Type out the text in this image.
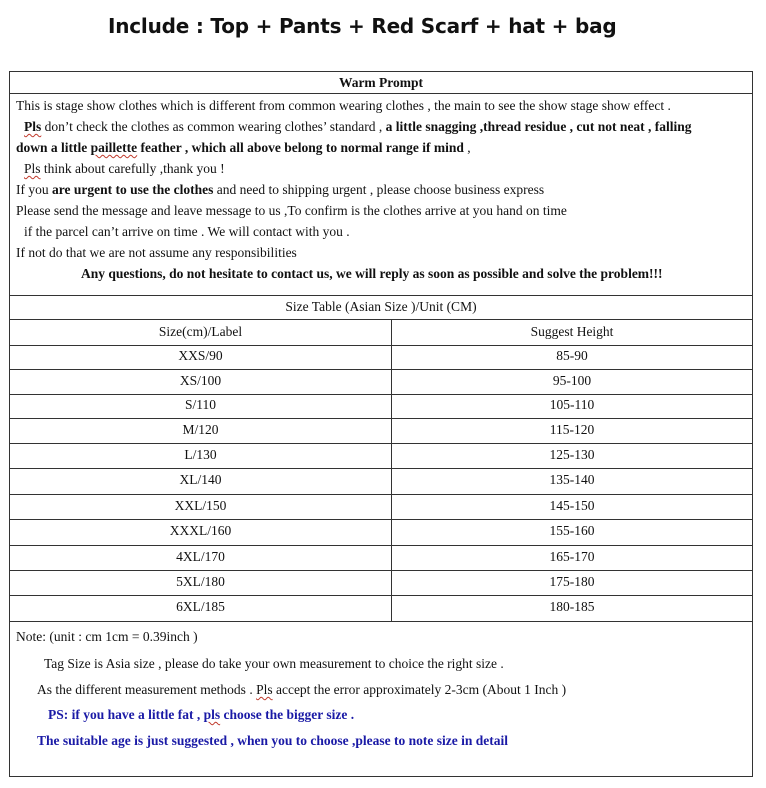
Include : Top + Pants + Red Scarf + hat + bag
Warm Prompt
This is stage show clothes which is different from common wearing clothes , the main to see the show stage show effect .
Pls don’t check the clothes as common wearing clothes’ standard , a little snagging ,thread residue , cut not neat , falling
down a little paillette feather , which all above belong to normal range if mind ,
Pls think about carefully ,thank you !
If you are urgent to use the clothes and need to shipping urgent , please choose business express
Please send the message and leave message to us ,To confirm is the clothes arrive at you hand on time
if the parcel can’t arrive on time . We will contact with you .
If not do that we are not assume any responsibilities
Any questions, do not hesitate to contact us, we will reply as soon as possible and solve the problem!!!
Size Table (Asian Size )/Unit (CM)
Note: (unit : cm 1cm = 0.39inch )
Tag Size is Asia size , please do take your own measurement to choice the right size .
As the different measurement methods . Pls accept the error approximately 2-3cm (About 1 Inch )
PS: if you have a little fat , pls choose the bigger size .
The suitable age is just suggested , when you to choose ,please to note size in detail
Size(cm)/Label	Suggest Height
XXS/90	85-90
XS/100	95-100
S/110	105-110
M/120	115-120
L/130	125-130
XL/140	135-140
XXL/150	145-150
XXXL/160	155-160
4XL/170	165-170
5XL/180	175-180
6XL/185	180-185
